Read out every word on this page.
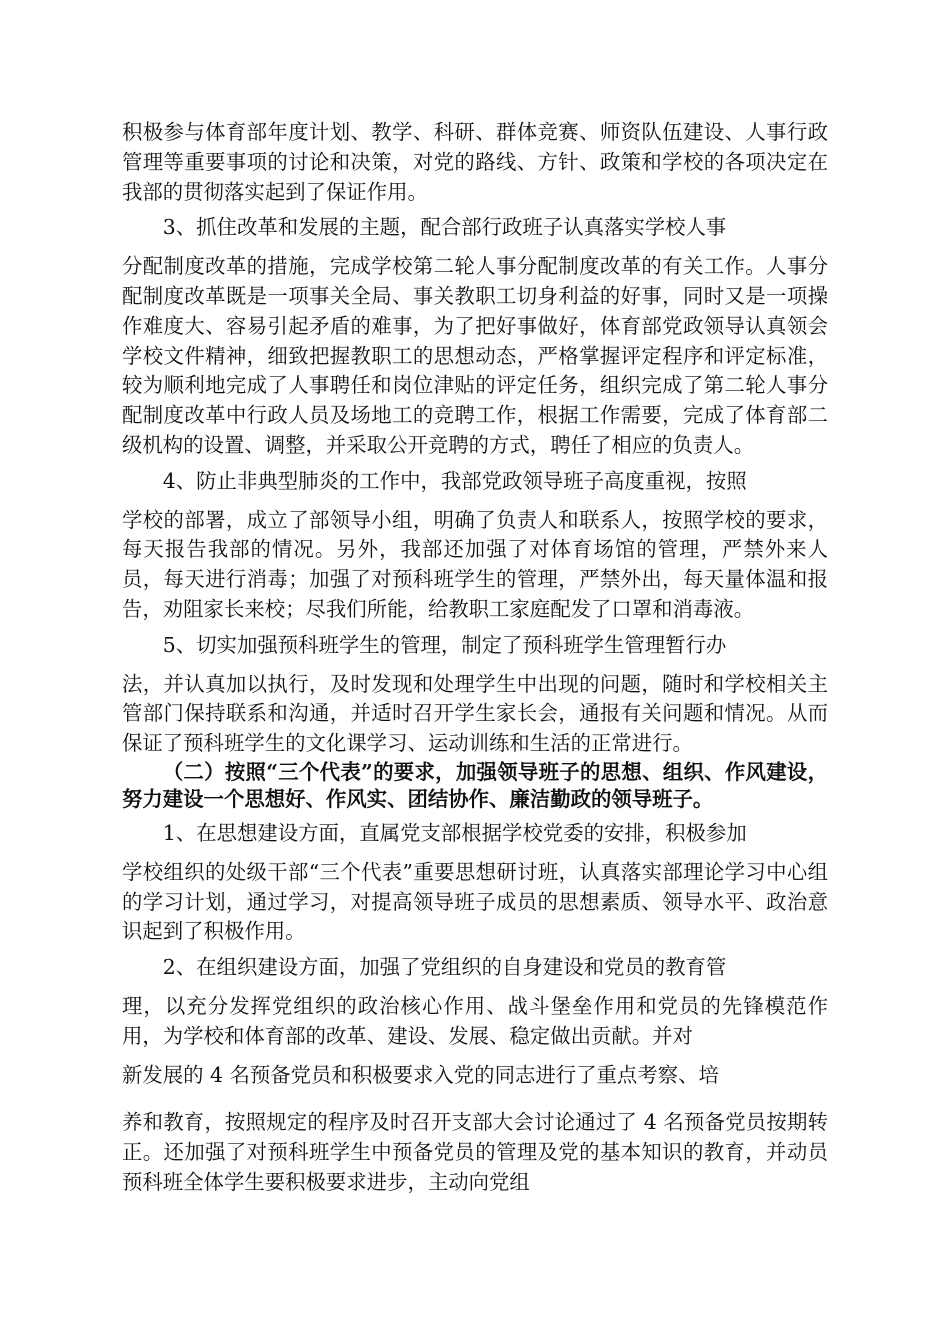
积极参与体育部年度计划、教学、科研、群体竞赛、师资队伍建设、人事行政管理等重要事项的讨论和决策，对党的路线、方针、政策和学校的各项决定在我部的贯彻落实起到了保证作用。

3、抓住改革和发展的主题，配合部行政班子认真落实学校人事
分配制度改革的措施，完成学校第二轮人事分配制度改革的有关工作。人事分配制度改革既是一项事关全局、事关教职工切身利益的好事，同时又是一项操作难度大、容易引起矛盾的难事，为了把好事做好，体育部党政领导认真领会学校文件精神，细致把握教职工的思想动态，严格掌握评定程序和评定标准，较为顺利地完成了人事聘任和岗位津贴的评定任务，组织完成了第二轮人事分配制度改革中行政人员及场地工的竞聘工作，根据工作需要，完成了体育部二级机构的设置、调整，并采取公开竞聘的方式，聘任了相应的负责人。
4、防止非典型肺炎的工作中，我部党政领导班子高度重视，按照
学校的部署，成立了部领导小组，明确了负责人和联系人，按照学校的要求，每天报告我部的情况。另外，我部还加强了对体育场馆的管理，严禁外来人员，每天进行消毒；加强了对预科班学生的管理，严禁外出，每天量体温和报告，劝阻家长来校；尽我们所能，给教职工家庭配发了口罩和消毒液。
5、切实加强预科班学生的管理，制定了预科班学生管理暂行办
法，并认真加以执行，及时发现和处理学生中出现的问题，随时和学校相关主管部门保持联系和沟通，并适时召开学生家长会，通报有关问题和情况。从而保证了预科班学生的文化课学习、运动训练和生活的正常进行。

（二）按照“三个代表”的要求，加强领导班子的思想、组织、作风建设，努力建设一个思想好、作风实、团结协作、廉洁勤政的领导班子。

1、在思想建设方面，直属党支部根据学校党委的安排，积极参加
学校组织的处级干部“三个代表”重要思想研讨班，认真落实部理论学习中心组的学习计划，通过学习，对提高领导班子成员的思想素质、领导水平、政治意识起到了积极作用。
2、在组织建设方面，加强了党组织的自身建设和党员的教育管
理，以充分发挥党组织的政治核心作用、战斗堡垒作用和党员的先锋模范作用，为学校和体育部的改革、建设、发展、稳定做出贡献。并对
新发展的 4 名预备党员和积极要求入党的同志进行了重点考察、培
养和教育，按照规定的程序及时召开支部大会讨论通过了 4 名预备党员按期转正。还加强了对预科班学生中预备党员的管理及党的基本知识的教育，并动员预科班全体学生要积极要求进步，主动向党组
